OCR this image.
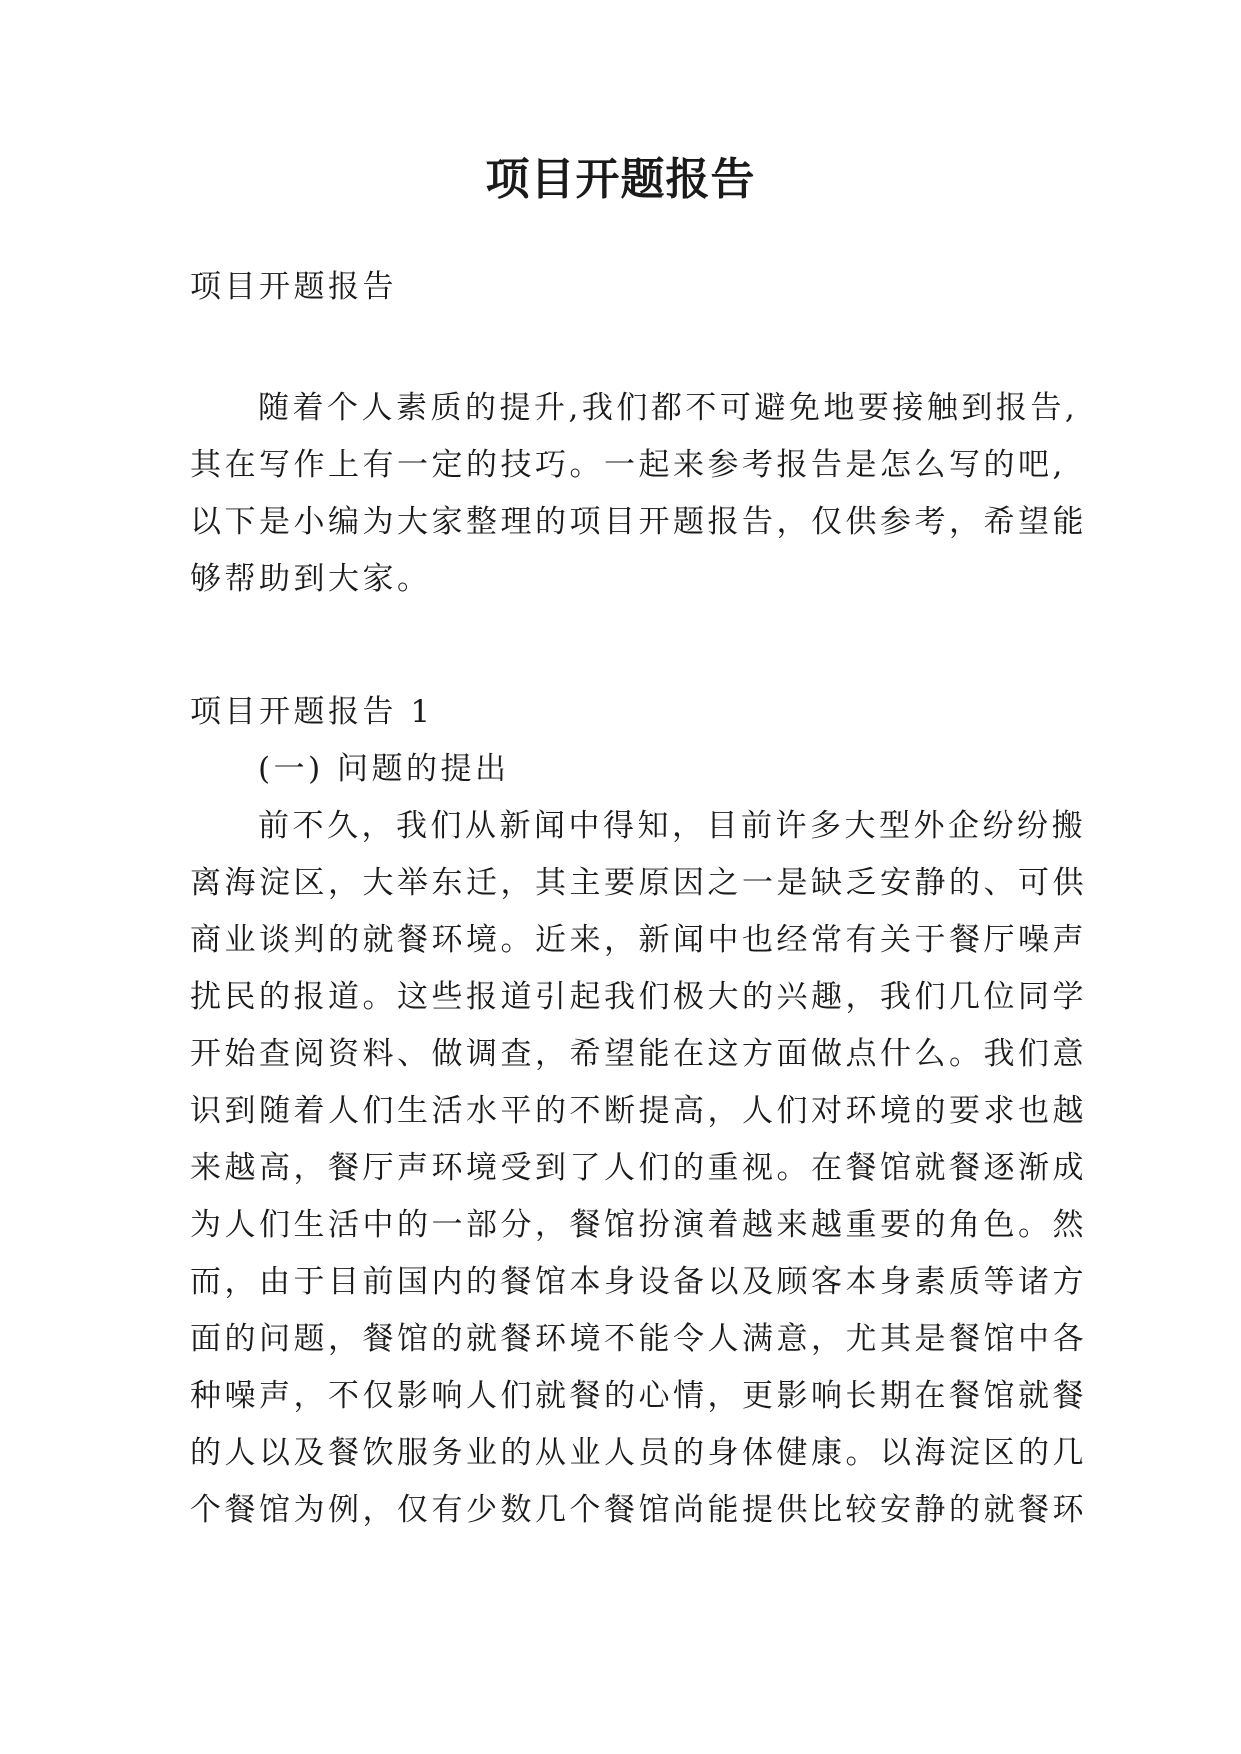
项目开题报告

项目开题报告

随着个人素质的提升,我们都不可避免地要接触到报告,

其在写作上有一定的技巧。一起来参考报告是怎么写的吧,

以下是小编为大家整理的项目开题报告，仅供参考，希望能

够帮助到大家。

项目开题报告 1

(一) 问题的提出

前不久，我们从新闻中得知，目前许多大型外企纷纷搬

离海淀区，大举东迁，其主要原因之一是缺乏安静的、可供

商业谈判的就餐环境。近来，新闻中也经常有关于餐厅噪声

扰民的报道。这些报道引起我们极大的兴趣，我们几位同学

开始查阅资料、做调查，希望能在这方面做点什么。我们意

识到随着人们生活水平的不断提高，人们对环境的要求也越

来越高，餐厅声环境受到了人们的重视。在餐馆就餐逐渐成

为人们生活中的一部分，餐馆扮演着越来越重要的角色。然

而，由于目前国内的餐馆本身设备以及顾客本身素质等诸方

面的问题，餐馆的就餐环境不能令人满意，尤其是餐馆中各

种噪声，不仅影响人们就餐的心情，更影响长期在餐馆就餐

的人以及餐饮服务业的从业人员的身体健康。以海淀区的几

个餐馆为例，仅有少数几个餐馆尚能提供比较安静的就餐环
